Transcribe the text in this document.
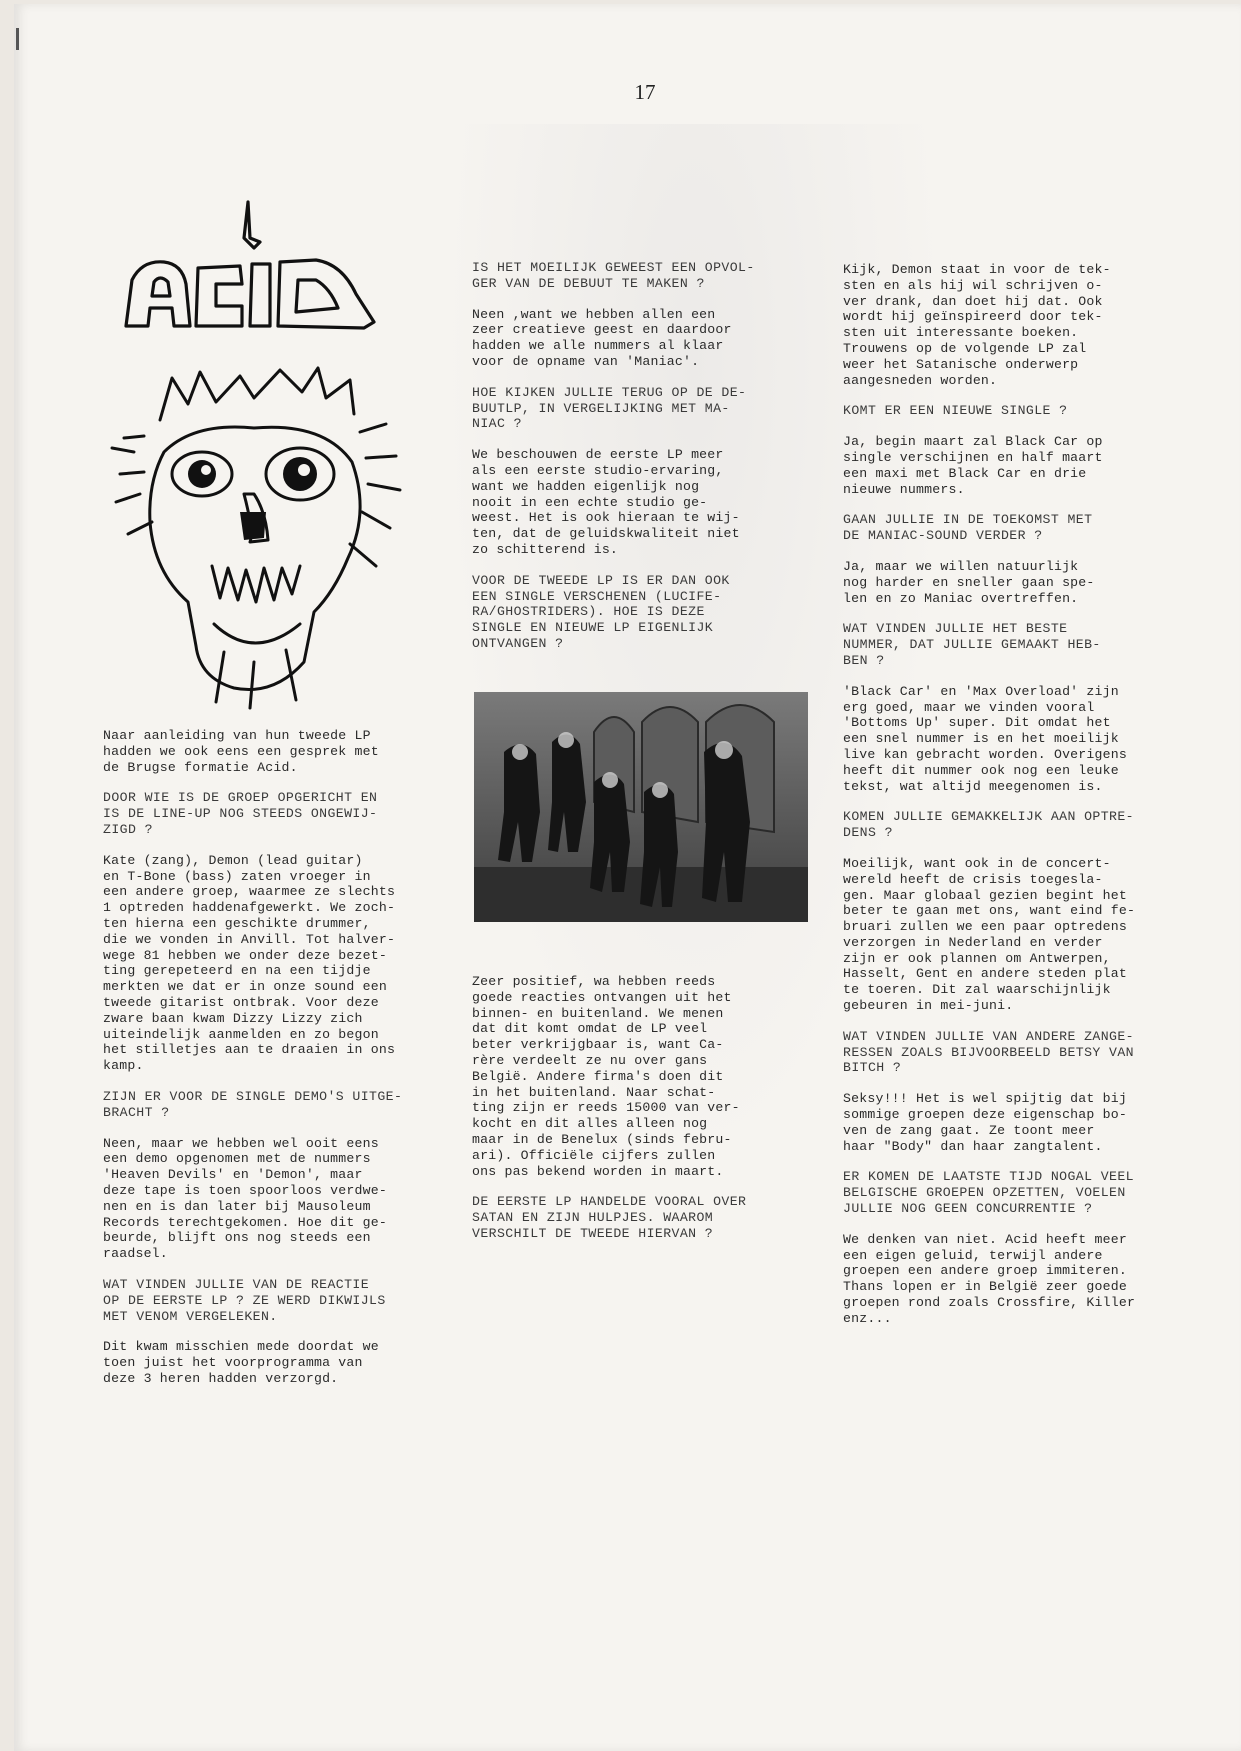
17

Naar aanleiding van hun tweede LP
hadden we ook eens een gesprek met
de Brugse formatie Acid.

DOOR WIE IS DE GROEP OPGERICHT EN
IS DE LINE-UP NOG STEEDS ONGEWIJ-
ZIGD ?

Kate (zang), Demon (lead guitar)
en T-Bone (bass) zaten vroeger in
een andere groep, waarmee ze slechts
1 optreden haddenafgewerkt. We zoch-
ten hierna een geschikte drummer,
die we vonden in Anvill. Tot halver-
wege 81 hebben we onder deze bezet-
ting gerepeteerd en na een tijdje
merkten we dat er in onze sound een
tweede gitarist ontbrak. Voor deze
zware baan kwam Dizzy Lizzy zich
uiteindelijk aanmelden en zo begon
het stilletjes aan te draaien in ons
kamp.

ZIJN ER VOOR DE SINGLE DEMO'S UITGE-
BRACHT ?

Neen, maar we hebben wel ooit eens
een demo opgenomen met de nummers
'Heaven Devils' en 'Demon', maar
deze tape is toen spoorloos verdwe-
nen en is dan later bij Mausoleum
Records terechtgekomen. Hoe dit ge-
beurde, blijft ons nog steeds een
raadsel.

WAT VINDEN JULLIE VAN DE REACTIE
OP DE EERSTE LP ? ZE WERD DIKWIJLS
MET VENOM VERGELEKEN.

Dit kwam misschien mede doordat we
toen juist het voorprogramma van
deze 3 heren hadden verzorgd.

IS HET MOEILIJK GEWEEST EEN OPVOL-
GER VAN DE DEBUUT TE MAKEN ?

Neen ,want we hebben allen een
zeer creatieve geest en daardoor
hadden we alle nummers al klaar
voor de opname van 'Maniac'.

HOE KIJKEN JULLIE TERUG OP DE DE-
BUUTLP, IN VERGELIJKING MET MA-
NIAC ?

We beschouwen de eerste LP meer
als een eerste studio-ervaring,
want we hadden eigenlijk nog
nooit in een echte studio ge-
weest. Het is ook hieraan te wij-
ten, dat de geluidskwaliteit niet
zo schitterend is.

VOOR DE TWEEDE LP IS ER DAN OOK
EEN SINGLE VERSCHENEN (LUCIFE-
RA/GHOSTRIDERS). HOE IS DEZE
SINGLE EN NIEUWE LP EIGENLIJK
ONTVANGEN ?

Zeer positief, wa hebben reeds
goede reacties ontvangen uit het
binnen- en buitenland. We menen
dat dit komt omdat de LP veel
beter verkrijgbaar is, want Ca-
rère verdeelt ze nu over gans
België. Andere firma's doen dit
in het buitenland. Naar schat-
ting zijn er reeds 15000 van ver-
kocht en dit alles alleen nog
maar in de Benelux (sinds febru-
ari). Officiële cijfers zullen
ons pas bekend worden in maart.

DE EERSTE LP HANDELDE VOORAL OVER
SATAN EN ZIJN HULPJES. WAAROM
VERSCHILT DE TWEEDE HIERVAN ?

Kijk, Demon staat in voor de tek-
sten en als hij wil schrijven o-
ver drank, dan doet hij dat. Ook
wordt hij geïnspireerd door tek-
sten uit interessante boeken.
Trouwens op de volgende LP zal
weer het Satanische onderwerp
aangesneden worden.

KOMT ER EEN NIEUWE SINGLE ?

Ja, begin maart zal Black Car op
single verschijnen en half maart
een maxi met Black Car en drie
nieuwe nummers.

GAAN JULLIE IN DE TOEKOMST MET
DE MANIAC-SOUND VERDER ?

Ja, maar we willen natuurlijk
nog harder en sneller gaan spe-
len en zo Maniac overtreffen.

WAT VINDEN JULLIE HET BESTE
NUMMER, DAT JULLIE GEMAAKT HEB-
BEN ?

'Black Car' en 'Max Overload' zijn
erg goed, maar we vinden vooral
'Bottoms Up' super. Dit omdat het
een snel nummer is en het moeilijk
live kan gebracht worden. Overigens
heeft dit nummer ook nog een leuke
tekst, wat altijd meegenomen is.

KOMEN JULLIE GEMAKKELIJK AAN OPTRE-
DENS ?

Moeilijk, want ook in de concert-
wereld heeft de crisis toegesla-
gen. Maar globaal gezien begint het
beter te gaan met ons, want eind fe-
bruari zullen we een paar optredens
verzorgen in Nederland en verder
zijn er ook plannen om Antwerpen,
Hasselt, Gent en andere steden plat
te toeren. Dit zal waarschijnlijk
gebeuren in mei-juni.

WAT VINDEN JULLIE VAN ANDERE ZANGE-
RESSEN ZOALS BIJVOORBEELD BETSY VAN
BITCH ?

Seksy!!! Het is wel spijtig dat bij
sommige groepen deze eigenschap bo-
ven de zang gaat. Ze toont meer
haar "Body" dan haar zangtalent.

ER KOMEN DE LAATSTE TIJD NOGAL VEEL
BELGISCHE GROEPEN OPZETTEN, VOELEN
JULLIE NOG GEEN CONCURRENTIE ?

We denken van niet. Acid heeft meer
een eigen geluid, terwijl andere
groepen een andere groep immiteren.
Thans lopen er in België zeer goede
groepen rond zoals Crossfire, Killer
enz...
